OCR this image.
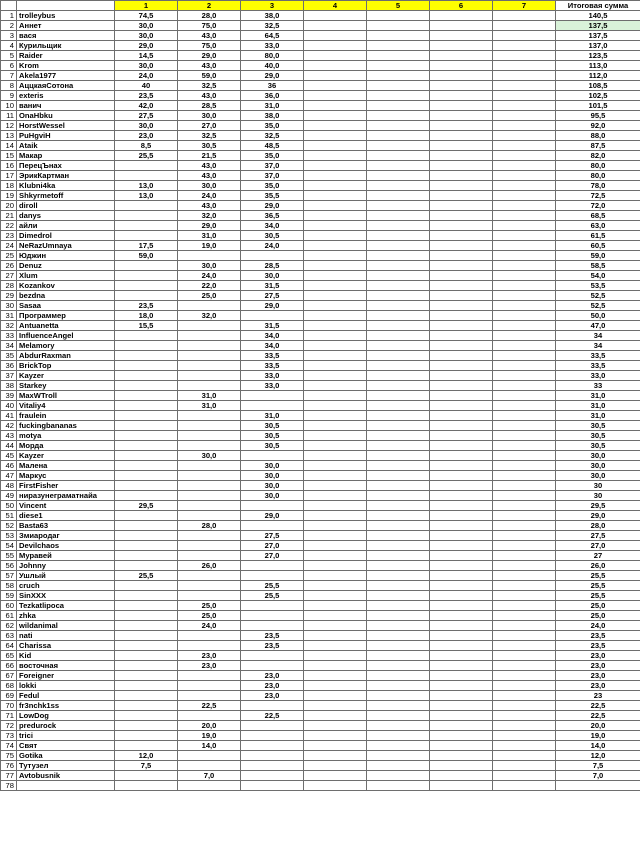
		1	2	3	4	5	6	7	Итоговая сумма
1	trolleybus	74,5	28,0	38,0					140,5
2	Аннет	30,0	75,0	32,5					137,5
3	вася	30,0	43,0	64,5					137,5
4	Курильщик	29,0	75,0	33,0					137,0
5	Raider	14,5	29,0	80,0					123,5
6	Krom	30,0	43,0	40,0					113,0
7	Akela1977	24,0	59,0	29,0					112,0
8	АццкаяСотона	40	32,5	36					108,5
9	exteris	23,5	43,0	36,0					102,5
10	ванич	42,0	28,5	31,0					101,5
11	OnaHbku	27,5	30,0	38,0					95,5
12	HorstWessel	30,0	27,0	35,0					92,0
13	PuHgviH	23,0	32,5	32,5					88,0
14	Ataik	8,5	30,5	48,5					87,5
15	Макар	25,5	21,5	35,0					82,0
16	ПерецЪнах		43,0	37,0					80,0
17	ЭрикКартман		43,0	37,0					80,0
18	Klubni4ka	13,0	30,0	35,0					78,0
19	Shkyrmetoff	13,0	24,0	35,5					72,5
20	diroll		43,0	29,0					72,0
21	danys		32,0	36,5					68,5
22	айли		29,0	34,0					63,0
23	Dimedrol		31,0	30,5					61,5
24	NeRazUmnaya	17,5	19,0	24,0					60,5
25	Юджин	59,0							59,0
26	Denuz		30,0	28,5					58,5
27	Xlum		24,0	30,0					54,0
28	Kozankov		22,0	31,5					53,5
29	bezdna		25,0	27,5					52,5
30	Sasaa	23,5		29,0					52,5
31	Программер	18,0	32,0						50,0
32	Antuanetta	15,5		31,5					47,0
33	InfluenceAngel			34,0					34
34	Melamory			34,0					34
35	AbdurRaxman			33,5					33,5
36	BrickTop			33,5					33,5
37	Kayzer			33,0					33,0
38	Starkey			33,0					33
39	MaxWTroll		31,0						31,0
40	Vitaliy4		31,0						31,0
41	fraulein			31,0					31,0
42	fuckingbananas			30,5					30,5
43	motya			30,5					30,5
44	Морда			30,5					30,5
45	Kayzer		30,0						30,0
46	Малена			30,0					30,0
47	Маркус			30,0					30,0
48	FirstFisher			30,0					30
49	ниразунеграматнайа			30,0					30
50	Vincent	29,5							29,5
51	diese1			29,0					29,0
52	Basta63		28,0						28,0
53	Змиародаг			27,5					27,5
54	Devilchaos			27,0					27,0
55	Муравей			27,0					27
56	Johnny		26,0						26,0
57	Ушлый	25,5							25,5
58	cruch			25,5					25,5
59	SinXXX			25,5					25,5
60	Tezkatlipoca		25,0						25,0
61	zhka		25,0						25,0
62	wildanimal		24,0						24,0
63	nati			23,5					23,5
64	Charissa			23,5					23,5
65	Kid		23,0						23,0
66	восточная		23,0						23,0
67	Foreigner			23,0					23,0
68	lokki			23,0					23,0
69	Fedul			23,0					23
70	fr3nchk1ss		22,5						22,5
71	LowDog			22,5					22,5
72	predurock		20,0						20,0
73	trici		19,0						19,0
74	Свят		14,0						14,0
75	Gotika	12,0							12,0
76	Тутузел	7,5							7,5
77	Avtobusnik		7,0						7,0
78									
